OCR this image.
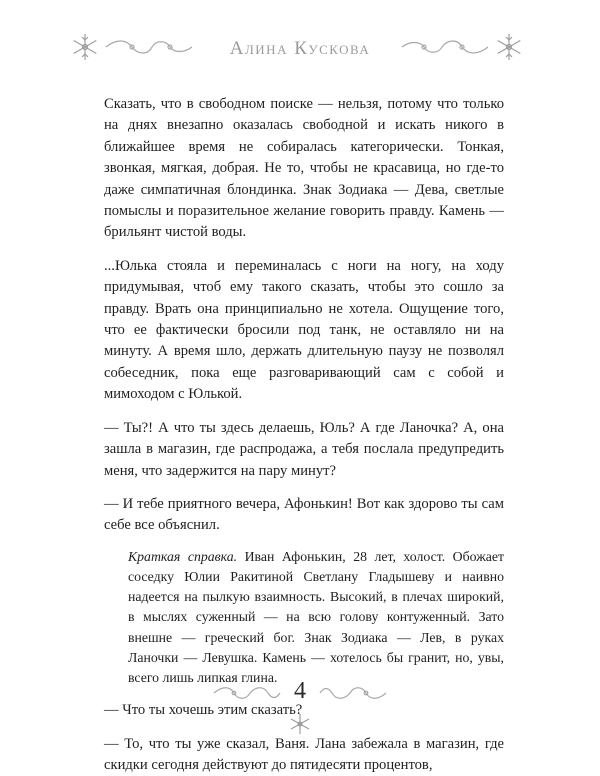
Алина Кускова

Сказать, что в свободном поиске — нельзя, потому что только на днях внезапно оказалась свободной и искать никого в ближайшее время не собиралась категорически. Тонкая, звонкая, мягкая, добрая. Не то, чтобы не красавица, но где-то даже симпатичная блондинка. Знак Зодиака — Дева, светлые помыслы и поразительное желание говорить правду. Камень — брильянт чистой воды.

...Юлька стояла и переминалась с ноги на ногу, на ходу придумывая, чтоб ему такого сказать, чтобы это сошло за правду. Врать она принципиально не хотела. Ощущение того, что ее фактически бросили под танк, не оставляло ни на минуту. А время шло, держать длительную паузу не позволял собеседник, пока еще разговаривающий сам с собой и мимоходом с Юлькой.

— Ты?! А что ты здесь делаешь, Юль? А где Ланочка? А, она зашла в магазин, где распродажа, а тебя послала предупредить меня, что задержится на пару минут?

— И тебе приятного вечера, Афонькин! Вот как здорово ты сам себе все объяснил.

Краткая справка. Иван Афонькин, 28 лет, холост. Обожает соседку Юлии Ракитиной Светлану Гладышеву и наивно надеется на пылкую взаимность. Высокий, в плечах широкий, в мыслях суженный — на всю голову контуженный. Зато внешне — греческий бог. Знак Зодиака — Лев, в руках Ланочки — Левушка. Камень — хотелось бы гранит, но, увы, всего лишь липкая глина.

— Что ты хочешь этим сказать?

— То, что ты уже сказал, Ваня. Лана забежала в магазин, где скидки сегодня действуют до пятидесяти процентов,

4
